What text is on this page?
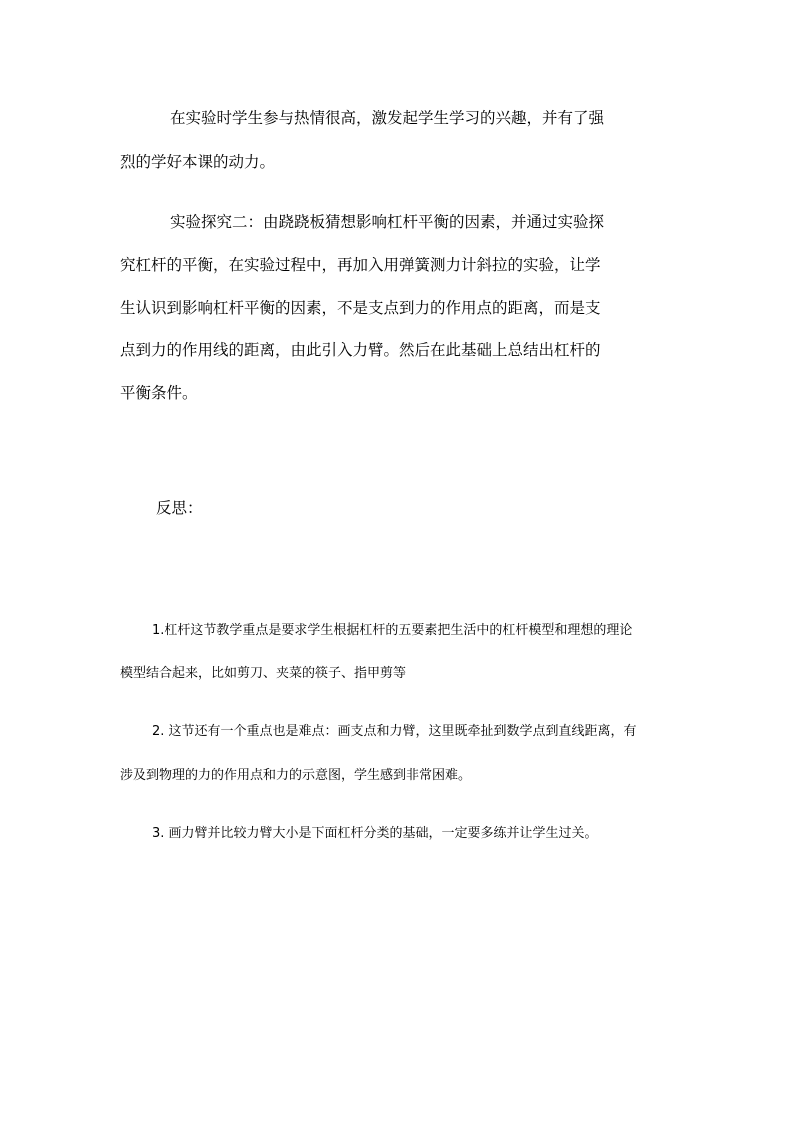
在实验时学生参与热情很高，激发起学生学习的兴趣，并有了强
烈的学好本课的动力。
实验探究二：由跷跷板猜想影响杠杆平衡的因素，并通过实验探
究杠杆的平衡，在实验过程中，再加入用弹簧测力计斜拉的实验，让学
生认识到影响杠杆平衡的因素，不是支点到力的作用点的距离，而是支
点到力的作用线的距离，由此引入力臂。然后在此基础上总结出杠杆的
平衡条件。
反思：
1.杠杆这节教学重点是要求学生根据杠杆的五要素把生活中的杠杆模型和理想的理论
模型结合起来，比如剪刀、夹菜的筷子、指甲剪等
2. 这节还有一个重点也是难点：画支点和力臂，这里既牵扯到数学点到直线距离，有
涉及到物理的力的作用点和力的示意图，学生感到非常困难。
3. 画力臂并比较力臂大小是下面杠杆分类的基础，一定要多练并让学生过关。
